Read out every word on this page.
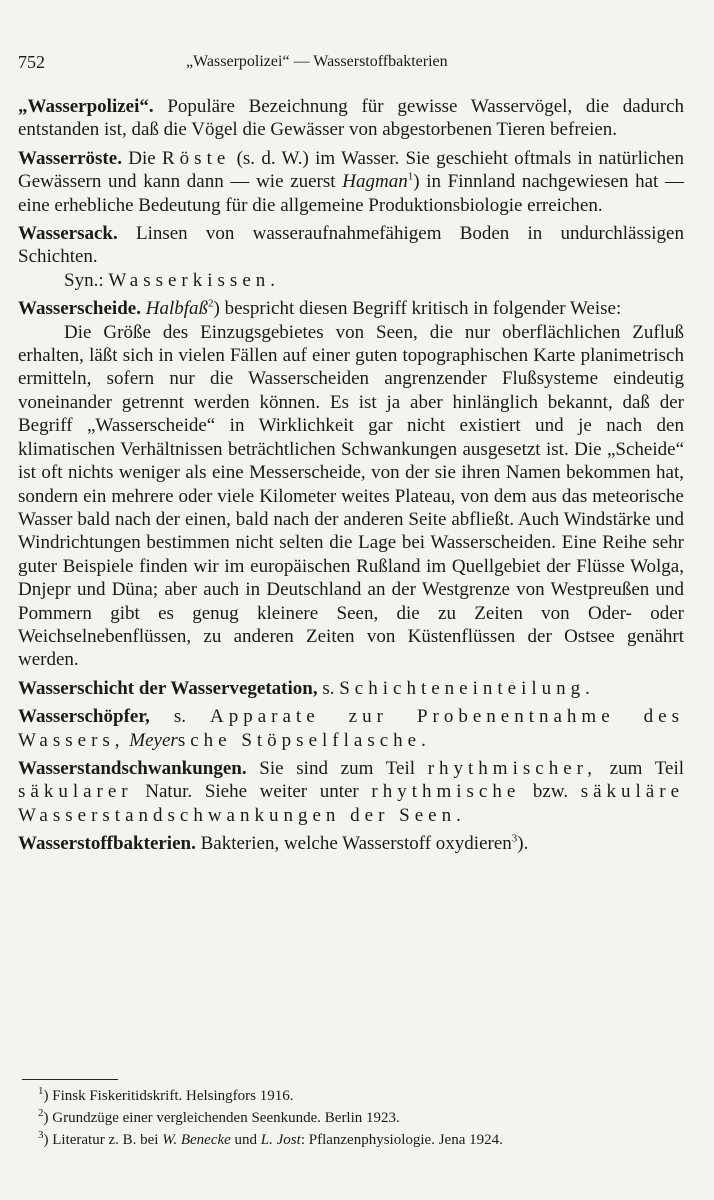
752	„Wasserpolizei“ — Wasserstoffbakterien

„Wasserpolizei“. Populäre Bezeichnung für gewisse Wasservögel, die dadurch entstanden ist, daß die Vögel die Gewässer von abgestorbenen Tieren befreien.

Wasserröste. Die Röste (s. d. W.) im Wasser. Sie geschieht oftmals in natürlichen Gewässern und kann dann — wie zuerst Hagman$^1$) in Finnland nachgewiesen hat — eine erhebliche Bedeutung für die allgemeine Produktionsbiologie erreichen.

Wassersack. Linsen von wasseraufnahmefähigem Boden in undurchlässigen Schichten.

Syn.: Wasserkissen.

Wasserscheide. Halbfaß$^2$) bespricht diesen Begriff kritisch in folgender Weise:

Die Größe des Einzugsgebietes von Seen, die nur oberflächlichen Zufluß erhalten, läßt sich in vielen Fällen auf einer guten topographischen Karte planimetrisch ermitteln, sofern nur die Wasserscheiden angrenzender Flußsysteme eindeutig voneinander getrennt werden können. Es ist ja aber hinlänglich bekannt, daß der Begriff „Wasserscheide“ in Wirklichkeit gar nicht existiert und je nach den klimatischen Verhältnissen beträchtlichen Schwankungen ausgesetzt ist. Die „Scheide“ ist oft nichts weniger als eine Messerscheide, von der sie ihren Namen bekommen hat, sondern ein mehrere oder viele Kilometer weites Plateau, von dem aus das meteorische Wasser bald nach der einen, bald nach der anderen Seite abfließt. Auch Windstärke und Windrichtungen bestimmen nicht selten die Lage bei Wasserscheiden. Eine Reihe sehr guter Beispiele finden wir im europäischen Rußland im Quellgebiet der Flüsse Wolga, Dnjepr und Düna; aber auch in Deutschland an der Westgrenze von Westpreußen und Pommern gibt es genug kleinere Seen, die zu Zeiten von Oder- oder Weichselnebenflüssen, zu anderen Zeiten von Küstenflüssen der Ostsee genährt werden.

Wasserschicht der Wasservegetation, s. Schichteneinteilung.

Wasserschöpfer, s. Apparate zur Probenentnahme des Wassers, Meyersche Stöpselflasche.

Wasserstandschwankungen. Sie sind zum Teil rhythmischer, zum Teil säkularer Natur. Siehe weiter unter rhythmische bzw. säkuläre Wasserstandschwankungen der Seen.

Wasserstoffbakterien. Bakterien, welche Wasserstoff oxydieren$^3$).

$^1$) Finsk Fiskeritidskrift. Helsingfors 1916.

$^2$) Grundzüge einer vergleichenden Seenkunde. Berlin 1923.

$^3$) Literatur z. B. bei W. Benecke und L. Jost: Pflanzenphysiologie. Jena 1924.
